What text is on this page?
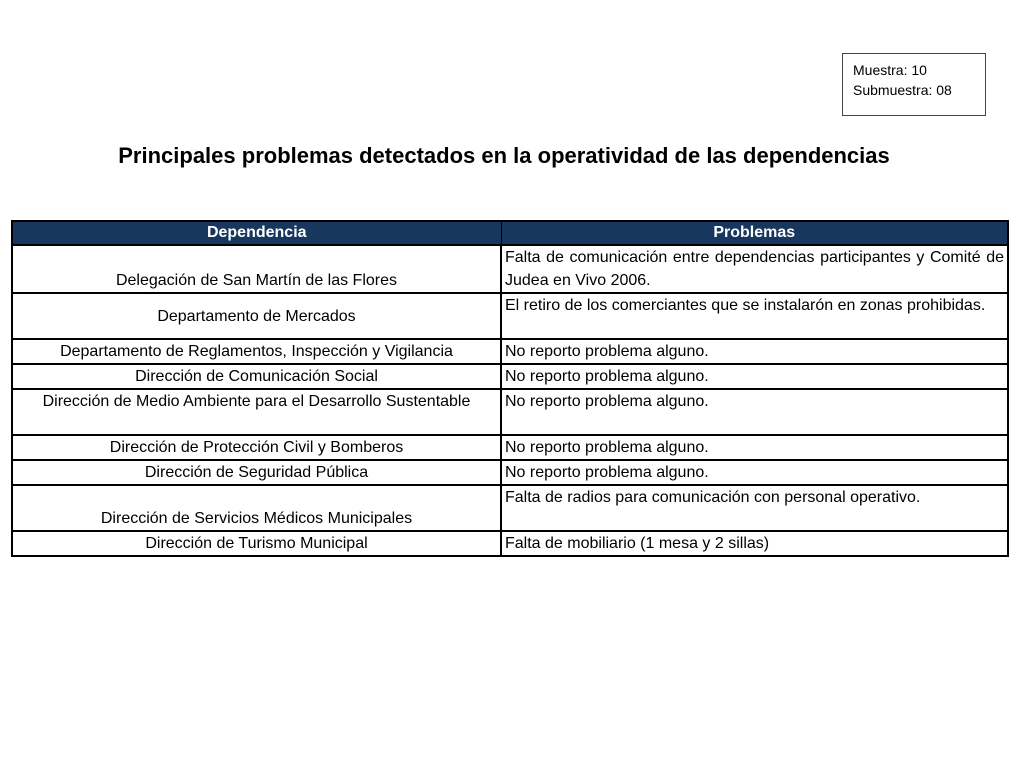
Muestra: 10
Submuestra: 08
Principales problemas detectados en la operatividad de las dependencias
Dependencia	Problemas
Delegación de San Martín de las Flores	Falta de comunicación entre dependencias participantes y Comité de Judea en Vivo 2006.
Departamento de Mercados	El retiro de los comerciantes que se instalarón en zonas prohibidas.
Departamento de Reglamentos, Inspección y Vigilancia	No reporto problema alguno.
Dirección de Comunicación Social	No reporto problema alguno.
Dirección de Medio Ambiente para el Desarrollo Sustentable	No reporto problema alguno.
Dirección de Protección Civil y Bomberos	No reporto problema alguno.
Dirección de Seguridad Pública	No reporto problema alguno.
Dirección de Servicios Médicos Municipales	Falta de radios para comunicación con personal operativo.
Dirección de Turismo Municipal	Falta de mobiliario (1 mesa y 2 sillas)
